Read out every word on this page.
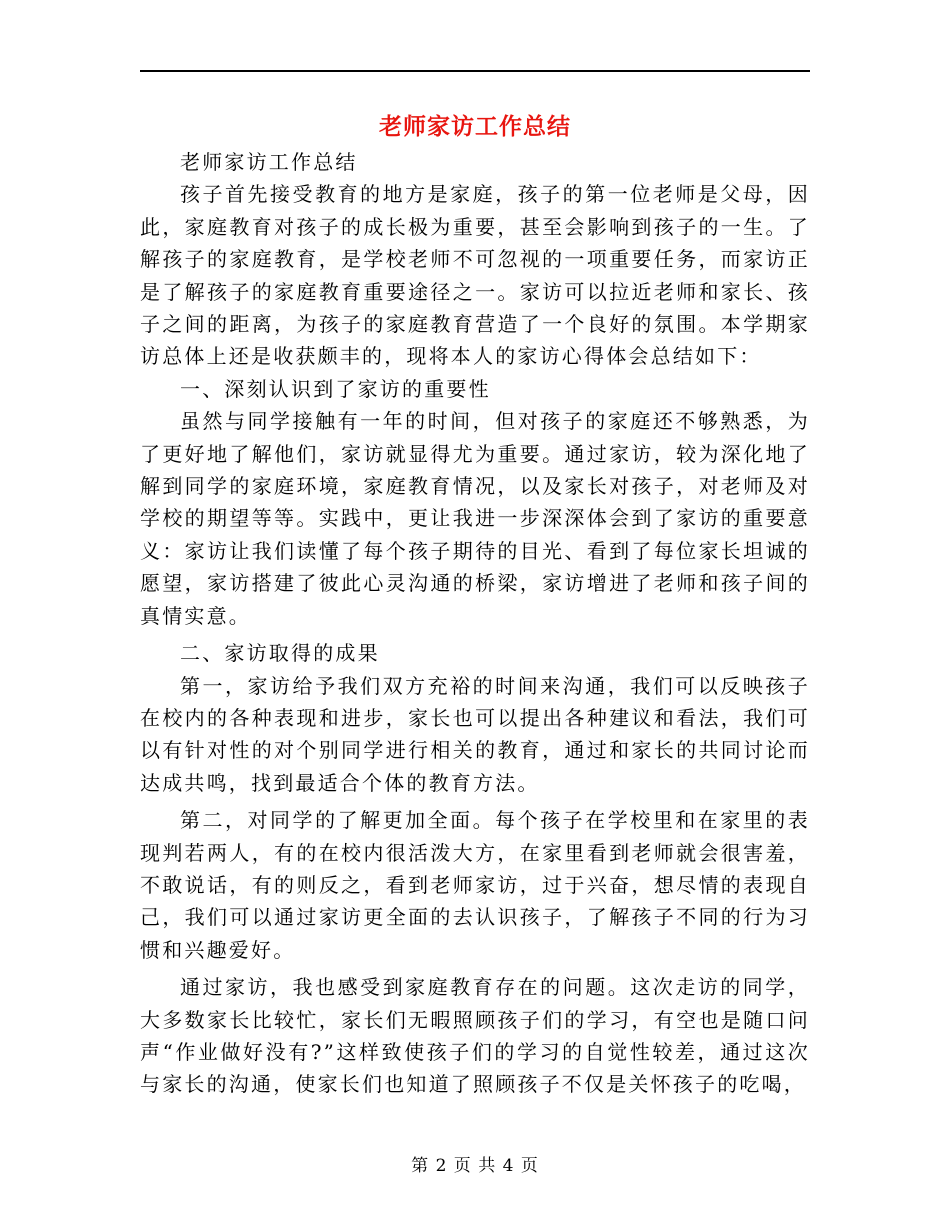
老师家访工作总结

老师家访工作总结

孩子首先接受教育的地方是家庭，孩子的第一位老师是父母，因此，家庭教育对孩子的成长极为重要，甚至会影响到孩子的一生。了解孩子的家庭教育，是学校老师不可忽视的一项重要任务，而家访正是了解孩子的家庭教育重要途径之一。家访可以拉近老师和家长、孩子之间的距离，为孩子的家庭教育营造了一个良好的氛围。本学期家访总体上还是收获颇丰的，现将本人的家访心得体会总结如下：

一、深刻认识到了家访的重要性

虽然与同学接触有一年的时间，但对孩子的家庭还不够熟悉，为了更好地了解他们，家访就显得尤为重要。通过家访，较为深化地了解到同学的家庭环境，家庭教育情况，以及家长对孩子，对老师及对学校的期望等等。实践中，更让我进一步深深体会到了家访的重要意义：家访让我们读懂了每个孩子期待的目光、看到了每位家长坦诚的愿望，家访搭建了彼此心灵沟通的桥梁，家访增进了老师和孩子间的真情实意。

二、家访取得的成果

第一，家访给予我们双方充裕的时间来沟通，我们可以反映孩子在校内的各种表现和进步，家长也可以提出各种建议和看法，我们可以有针对性的对个别同学进行相关的教育，通过和家长的共同讨论而达成共鸣，找到最适合个体的教育方法。

第二，对同学的了解更加全面。每个孩子在学校里和在家里的表现判若两人，有的在校内很活泼大方，在家里看到老师就会很害羞，不敢说话，有的则反之，看到老师家访，过于兴奋，想尽情的表现自己，我们可以通过家访更全面的去认识孩子，了解孩子不同的行为习惯和兴趣爱好。

通过家访，我也感受到家庭教育存在的问题。这次走访的同学，大多数家长比较忙，家长们无暇照顾孩子们的学习，有空也是随口问声“作业做好没有?”这样致使孩子们的学习的自觉性较差，通过这次与家长的沟通，使家长们也知道了照顾孩子不仅是关怀孩子的吃喝，

第 2 页 共 4 页
